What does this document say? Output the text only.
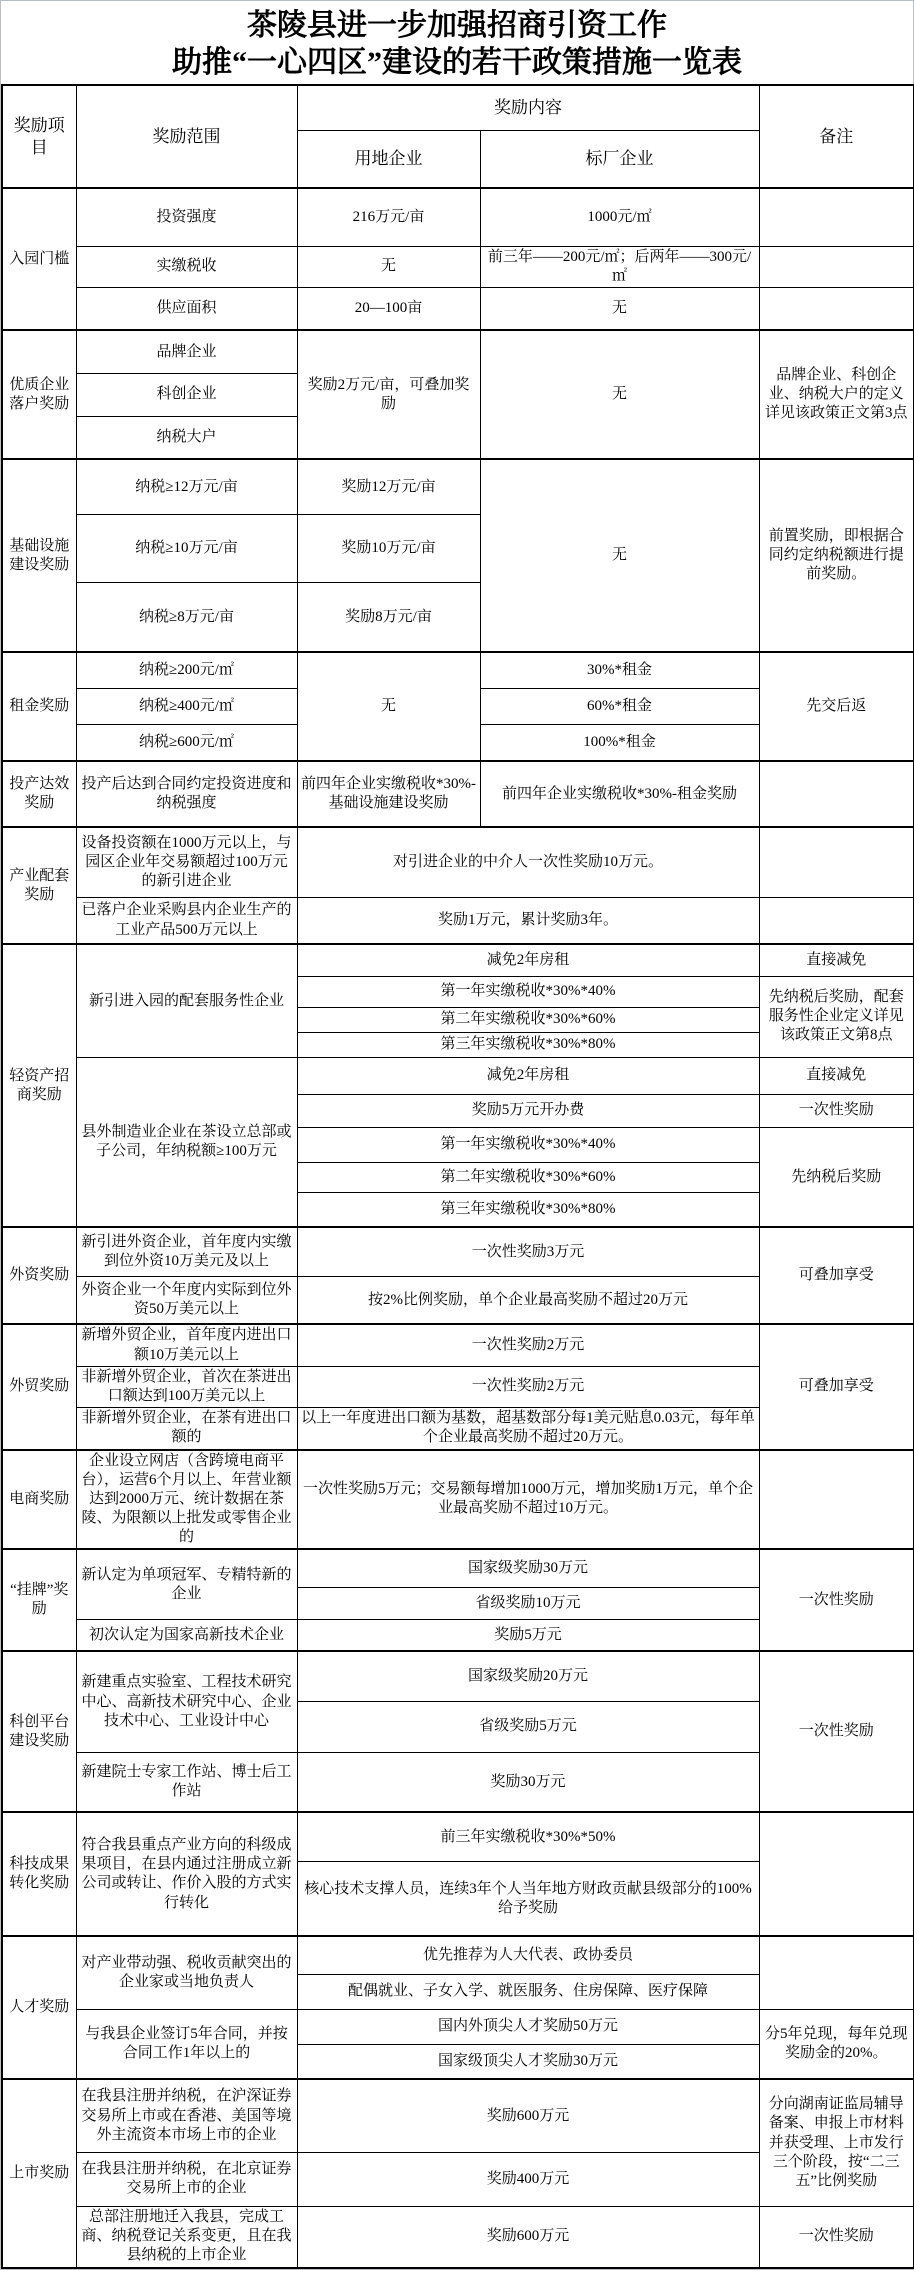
茶陵县进一步加强招商引资工作
助推“一心四区”建设的若干政策措施一览表
奖励项目	奖励范围	奖励内容		备注
		用地企业	标厂企业	
入园门槛	投资强度	216万元/亩	1000元/㎡	
	实缴税收	无	前三年——200元/㎡；后两年——300元/㎡	
	供应面积	20—100亩	无	
优质企业落户奖励	品牌企业	奖励2万元/亩，可叠加奖励	无	品牌企业、科创企业、纳税大户的定义详见该政策正文第3点
	科创企业			
	纳税大户			
基础设施建设奖励	纳税≥12万元/亩	奖励12万元/亩	无	前置奖励，即根据合同约定纳税额进行提前奖励。
	纳税≥10万元/亩	奖励10万元/亩		
	纳税≥8万元/亩	奖励8万元/亩		
租金奖励	纳税≥200元/㎡	无	30%*租金	先交后返
	纳税≥400元/㎡		60%*租金	
	纳税≥600元/㎡		100%*租金	
投产达效奖励	投产后达到合同约定投资进度和纳税强度	前四年企业实缴税收*30%-基础设施建设奖励	前四年企业实缴税收*30%-租金奖励	
产业配套奖励	设备投资额在1000万元以上，与园区企业年交易额超过100万元的新引进企业	对引进企业的中介人一次性奖励10万元。		
	已落户企业采购县内企业生产的工业产品500万元以上	奖励1万元，累计奖励3年。		
轻资产招商奖励	新引进入园的配套服务性企业	减免2年房租		直接减免
		第一年实缴税收*30%*40%		先纳税后奖励，配套服务性企业定义详见该政策正文第8点
		第二年实缴税收*30%*60%		
		第三年实缴税收*30%*80%		
	县外制造业企业在茶设立总部或子公司，年纳税额≥100万元	减免2年房租		直接减免
		奖励5万元开办费		一次性奖励
		第一年实缴税收*30%*40%		先纳税后奖励
		第二年实缴税收*30%*60%		
		第三年实缴税收*30%*80%		
外资奖励	新引进外资企业，首年度内实缴到位外资10万美元及以上	一次性奖励3万元		可叠加享受
	外资企业一个年度内实际到位外资50万美元以上	按2%比例奖励，单个企业最高奖励不超过20万元		
外贸奖励	新增外贸企业，首年度内进出口额10万美元以上	一次性奖励2万元		可叠加享受
	非新增外贸企业，首次在茶进出口额达到100万美元以上	一次性奖励2万元		
	非新增外贸企业，在茶有进出口额的	以上一年度进出口额为基数，超基数部分每1美元贴息0.03元，每年单个企业最高奖励不超过20万元。		
电商奖励	企业设立网店（含跨境电商平台），运营6个月以上、年营业额达到2000万元、统计数据在茶陵、为限额以上批发或零售企业的	一次性奖励5万元；交易额每增加1000万元，增加奖励1万元，单个企业最高奖励不超过10万元。		
“挂牌”奖励	新认定为单项冠军、专精特新的企业	国家级奖励30万元		一次性奖励
		省级奖励10万元		
	初次认定为国家高新技术企业	奖励5万元		
科创平台建设奖励	新建重点实验室、工程技术研究中心、高新技术研究中心、企业技术中心、工业设计中心	国家级奖励20万元		一次性奖励
		省级奖励5万元		
	新建院士专家工作站、博士后工作站	奖励30万元		
科技成果转化奖励	符合我县重点产业方向的科级成果项目，在县内通过注册成立新公司或转让、作价入股的方式实行转化	前三年实缴税收*30%*50%		
		核心技术支撑人员，连续3年个人当年地方财政贡献县级部分的100%给予奖励		
人才奖励	对产业带动强、税收贡献突出的企业家或当地负责人	优先推荐为人大代表、政协委员		
		配偶就业、子女入学、就医服务、住房保障、医疗保障		
	与我县企业签订5年合同，并按合同工作1年以上的	国内外顶尖人才奖励50万元		分5年兑现，每年兑现奖励金的20%。
		国家级顶尖人才奖励30万元		
上市奖励	在我县注册并纳税，在沪深证券交易所上市或在香港、美国等境外主流资本市场上市的企业	奖励600万元		分向湖南证监局辅导备案、申报上市材料并获受理、上市发行三个阶段，按“二三五”比例奖励
	在我县注册并纳税，在北京证券交易所上市的企业	奖励400万元		
	总部注册地迁入我县，完成工商、纳税登记关系变更，且在我县纳税的上市企业	奖励600万元		一次性奖励
